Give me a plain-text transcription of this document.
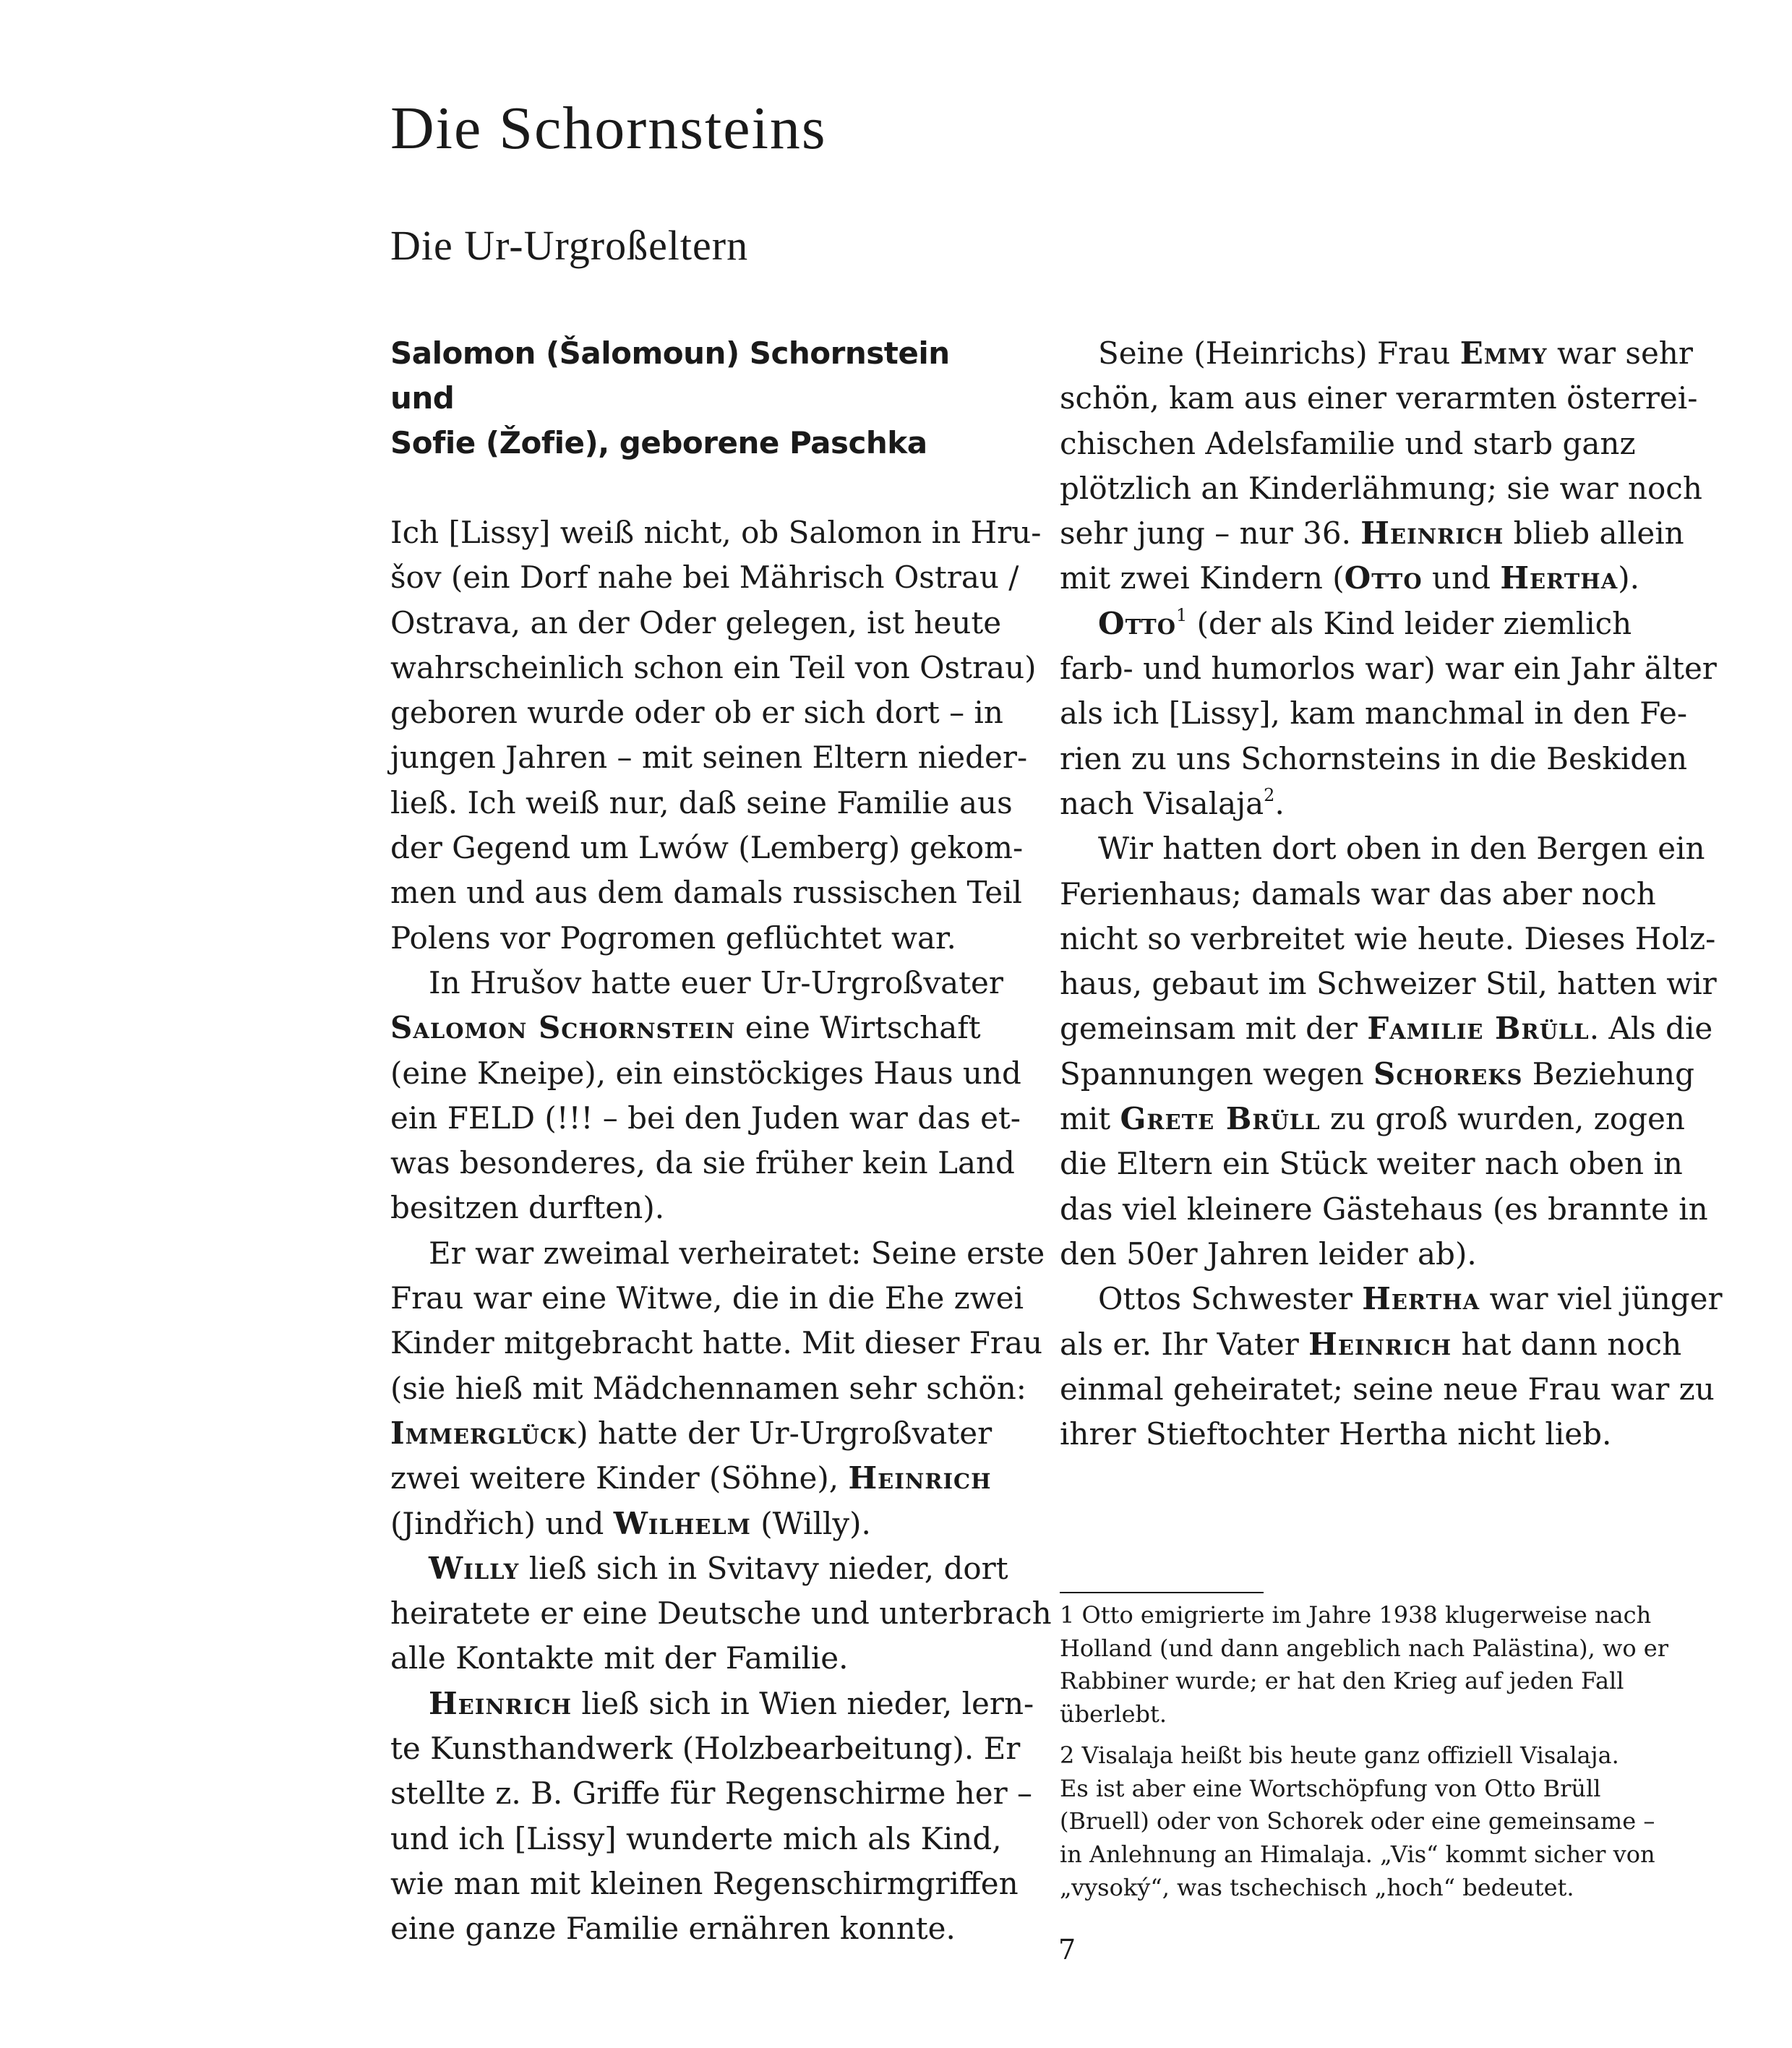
Die Schornsteins
Die Ur-Urgroßeltern
Salomon (Šalomoun) Schornstein und
Sofie (Žofie), geborene Paschka

Ich [Lissy] weiß nicht, ob Salomon in Hru-
šov (ein Dorf nahe bei Mährisch Ostrau /
Ostrava, an der Oder gelegen, ist heute
wahrscheinlich schon ein Teil von Ostrau)
geboren wurde oder ob er sich dort – in
jungen Jahren – mit seinen Eltern nieder-
ließ. Ich weiß nur, daß seine Familie aus
der Gegend um Lwów (Lemberg) gekom-
men und aus dem damals russischen Teil
Polens vor Pogromen geflüchtet war.

In Hrušov hatte euer Ur-Urgroßvater
Salomon Schornstein eine Wirtschaft
(eine Kneipe), ein einstöckiges Haus und
ein FELD (!!! – bei den Juden war das et-
was besonderes, da sie früher kein Land
besitzen durften).

Er war zweimal verheiratet: Seine erste
Frau war eine Witwe, die in die Ehe zwei
Kinder mitgebracht hatte. Mit dieser Frau
(sie hieß mit Mädchennamen sehr schön:
Immerglück) hatte der Ur-Urgroßvater
zwei weitere Kinder (Söhne), Heinrich
(Jindřich) und Wilhelm (Willy).

Willy ließ sich in Svitavy nieder, dort
heiratete er eine Deutsche und unterbrach
alle Kontakte mit der Familie.

Heinrich ließ sich in Wien nieder, lern-
te Kunsthandwerk (Holzbearbeitung). Er
stellte z. B. Griffe für Regenschirme her –
und ich [Lissy] wunderte mich als Kind,
wie man mit kleinen Regenschirmgriffen
eine ganze Familie ernähren konnte.

Seine (Heinrichs) Frau Emmy war sehr
schön, kam aus einer verarmten österrei-
chischen Adelsfamilie und starb ganz
plötzlich an Kinderlähmung; sie war noch
sehr jung – nur 36. Heinrich blieb allein
mit zwei Kindern (Otto und Hertha).

Otto$^1$ (der als Kind leider ziemlich
farb- und humorlos war) war ein Jahr älter
als ich [Lissy], kam manchmal in den Fe-
rien zu uns Schornsteins in die Beskiden
nach Visalaja$^2$.

Wir hatten dort oben in den Bergen ein
Ferienhaus; damals war das aber noch
nicht so verbreitet wie heute. Dieses Holz-
haus, gebaut im Schweizer Stil, hatten wir
gemeinsam mit der Familie Brüll. Als die
Spannungen wegen Schoreks Beziehung
mit Grete Brüll zu groß wurden, zogen
die Eltern ein Stück weiter nach oben in
das viel kleinere Gästehaus (es brannte in
den 50er Jahren leider ab).

Ottos Schwester Hertha war viel jünger
als er. Ihr Vater Heinrich hat dann noch
einmal geheiratet; seine neue Frau war zu
ihrer Stieftochter Hertha nicht lieb.

1 Otto emigrierte im Jahre 1938 klugerweise nach
Holland (und dann angeblich nach Palästina), wo er
Rabbiner wurde; er hat den Krieg auf jeden Fall
überlebt.

2 Visalaja heißt bis heute ganz offiziell Visalaja.
Es ist aber eine Wortschöpfung von Otto Brüll
(Bruell) oder von Schorek oder eine gemeinsame –
in Anlehnung an Himalaja. „Vis“ kommt sicher von
„vysoký“, was tschechisch „hoch“ bedeutet.

7
